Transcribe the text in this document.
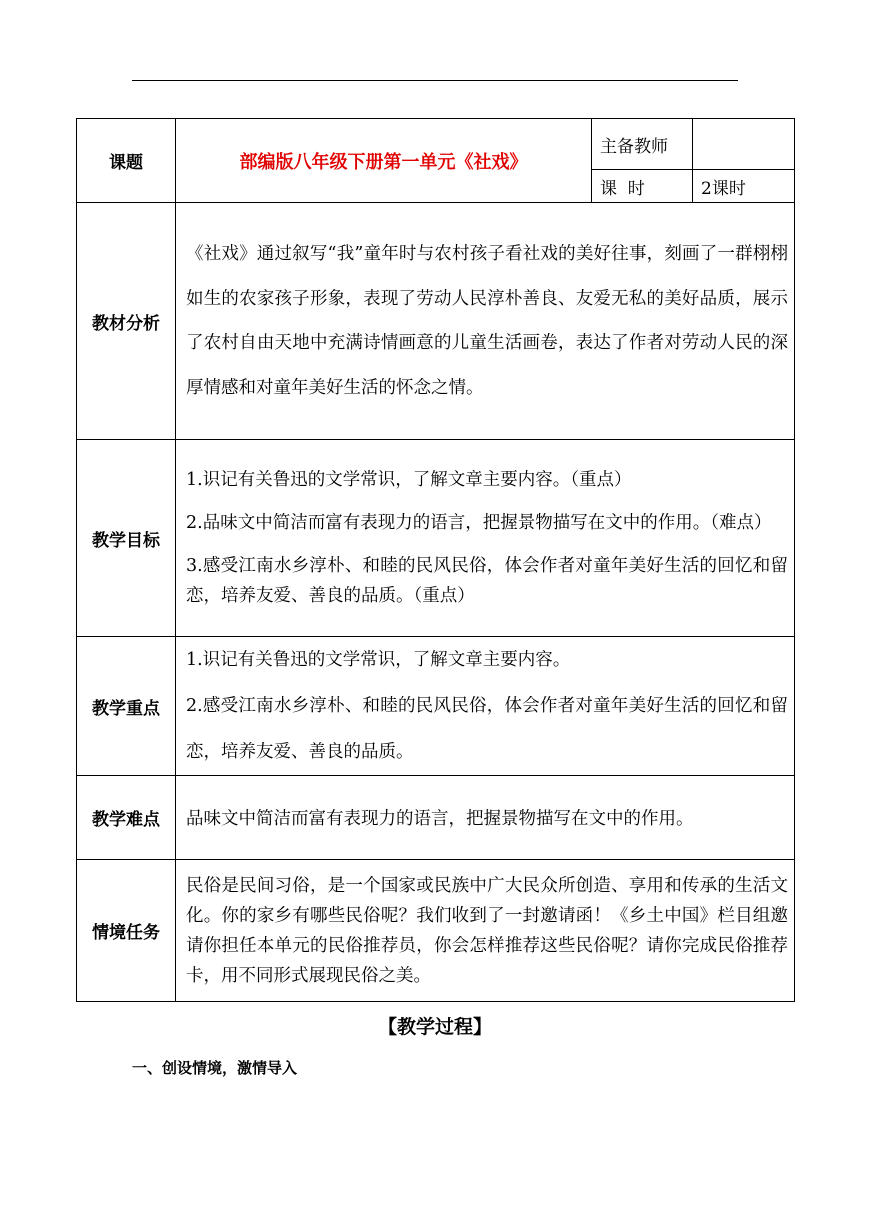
课题	部编版八年级下册第一单元《社戏》	主备教师	
		课  时	2课时
教材分析	《社戏》通过叙写“我”童年时与农村孩子看社戏的美好往事，刻画了一群栩栩如生的农家孩子形象，表现了劳动人民淳朴善良、友爱无私的美好品质，展示了农村自由天地中充满诗情画意的儿童生活画卷，表达了作者对劳动人民的深厚情感和对童年美好生活的怀念之情。		
教学目标	1.识记有关鲁迅的文学常识，了解文章主要内容。（重点）
2.品味文中简洁而富有表现力的语言，把握景物描写在文中的作用。（难点）
3.感受江南水乡淳朴、和睦的民风民俗，体会作者对童年美好生活的回忆和留恋，培养友爱、善良的品质。（重点）		

教学重点	1.识记有关鲁迅的文学常识，了解文章主要内容。
2.感受江南水乡淳朴、和睦的民风民俗，体会作者对童年美好生活的回忆和留恋，培养友爱、善良的品质。		

教学难点	品味文中简洁而富有表现力的语言，把握景物描写在文中的作用。		
情境任务	民俗是民间习俗，是一个国家或民族中广大民众所创造、享用和传承的生活文化。你的家乡有哪些民俗呢？我们收到了一封邀请函！《乡土中国》栏目组邀请你担任本单元的民俗推荐员，你会怎样推荐这些民俗呢？请你完成民俗推荐卡，用不同形式展现民俗之美。		
【教学过程】
一、创设情境，激情导入
